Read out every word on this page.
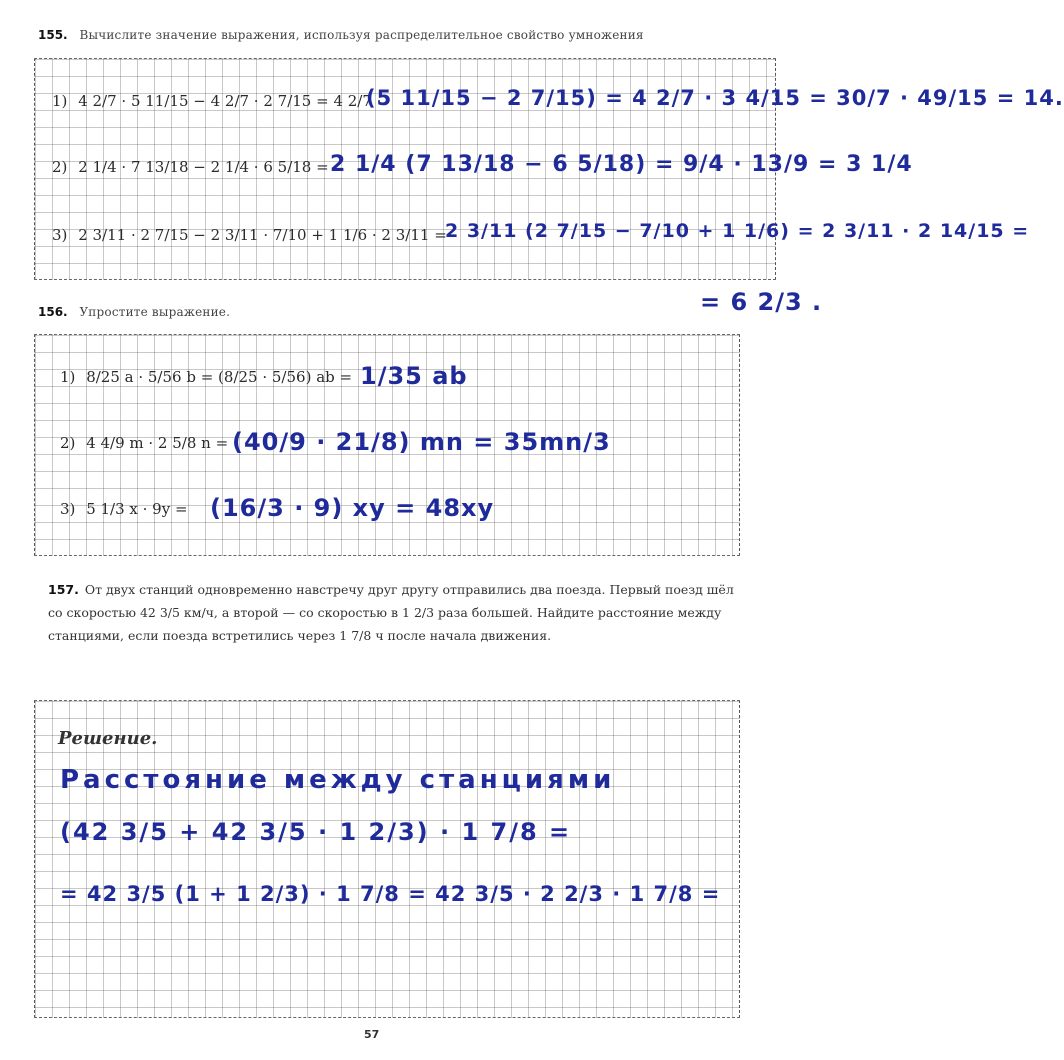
155. Вычислите значение выражения, используя распределительное свойство умножения
1) 4 2/7 · 5 11/15 − 4 2/7 · 2 7/15 = 4 2/7 ·
(5 11/15 − 2 7/15) = 4 2/7 · 3 4/15 = 30/7 · 49/15 = 14.
2) 2 1/4 · 7 13/18 − 2 1/4 · 6 5/18 = 2 1/4 (7 13/18 − 6 5/18) = 9/4 · 13/9 = 3 1/4
3) 2 3/11 · 2 7/15 − 2 3/11 · 7/10 + 1 1/6 · 2 3/11 =
2 3/11 (2 7/15 − 7/10 + 1 1/6) = 2 3/11 · 2 14/15 =
= 6 2/3 .
156. Упростите выражение.
1) 8/25 a · 5/56 b = (8/25 · 5/56) ab = 1/35 ab
2) 4 4/9 m · 2 5/8 n = (40/9 · 21/8) mn = 35mn/3
3) 5 1/3 x · 9y = (16/3 · 9) xy = 48xy
157. От двух станций одновременно навстречу друг другу отправились два поезда. Первый поезд шёл со скоростью 42 3/5 км/ч, а второй — со скоростью в 1 2/3 раза большей. Найдите расстояние между станциями, если поезда встретились через 1 7/8 ч после начала движения.
Решение.
Расстояние между станциями
(42 3/5 + 42 3/5 · 1 2/3) · 1 7/8 =
= 42 3/5 (1 + 1 2/3) · 1 7/8 = 42 3/5 · 2 2/3 · 1 7/8 =
57
